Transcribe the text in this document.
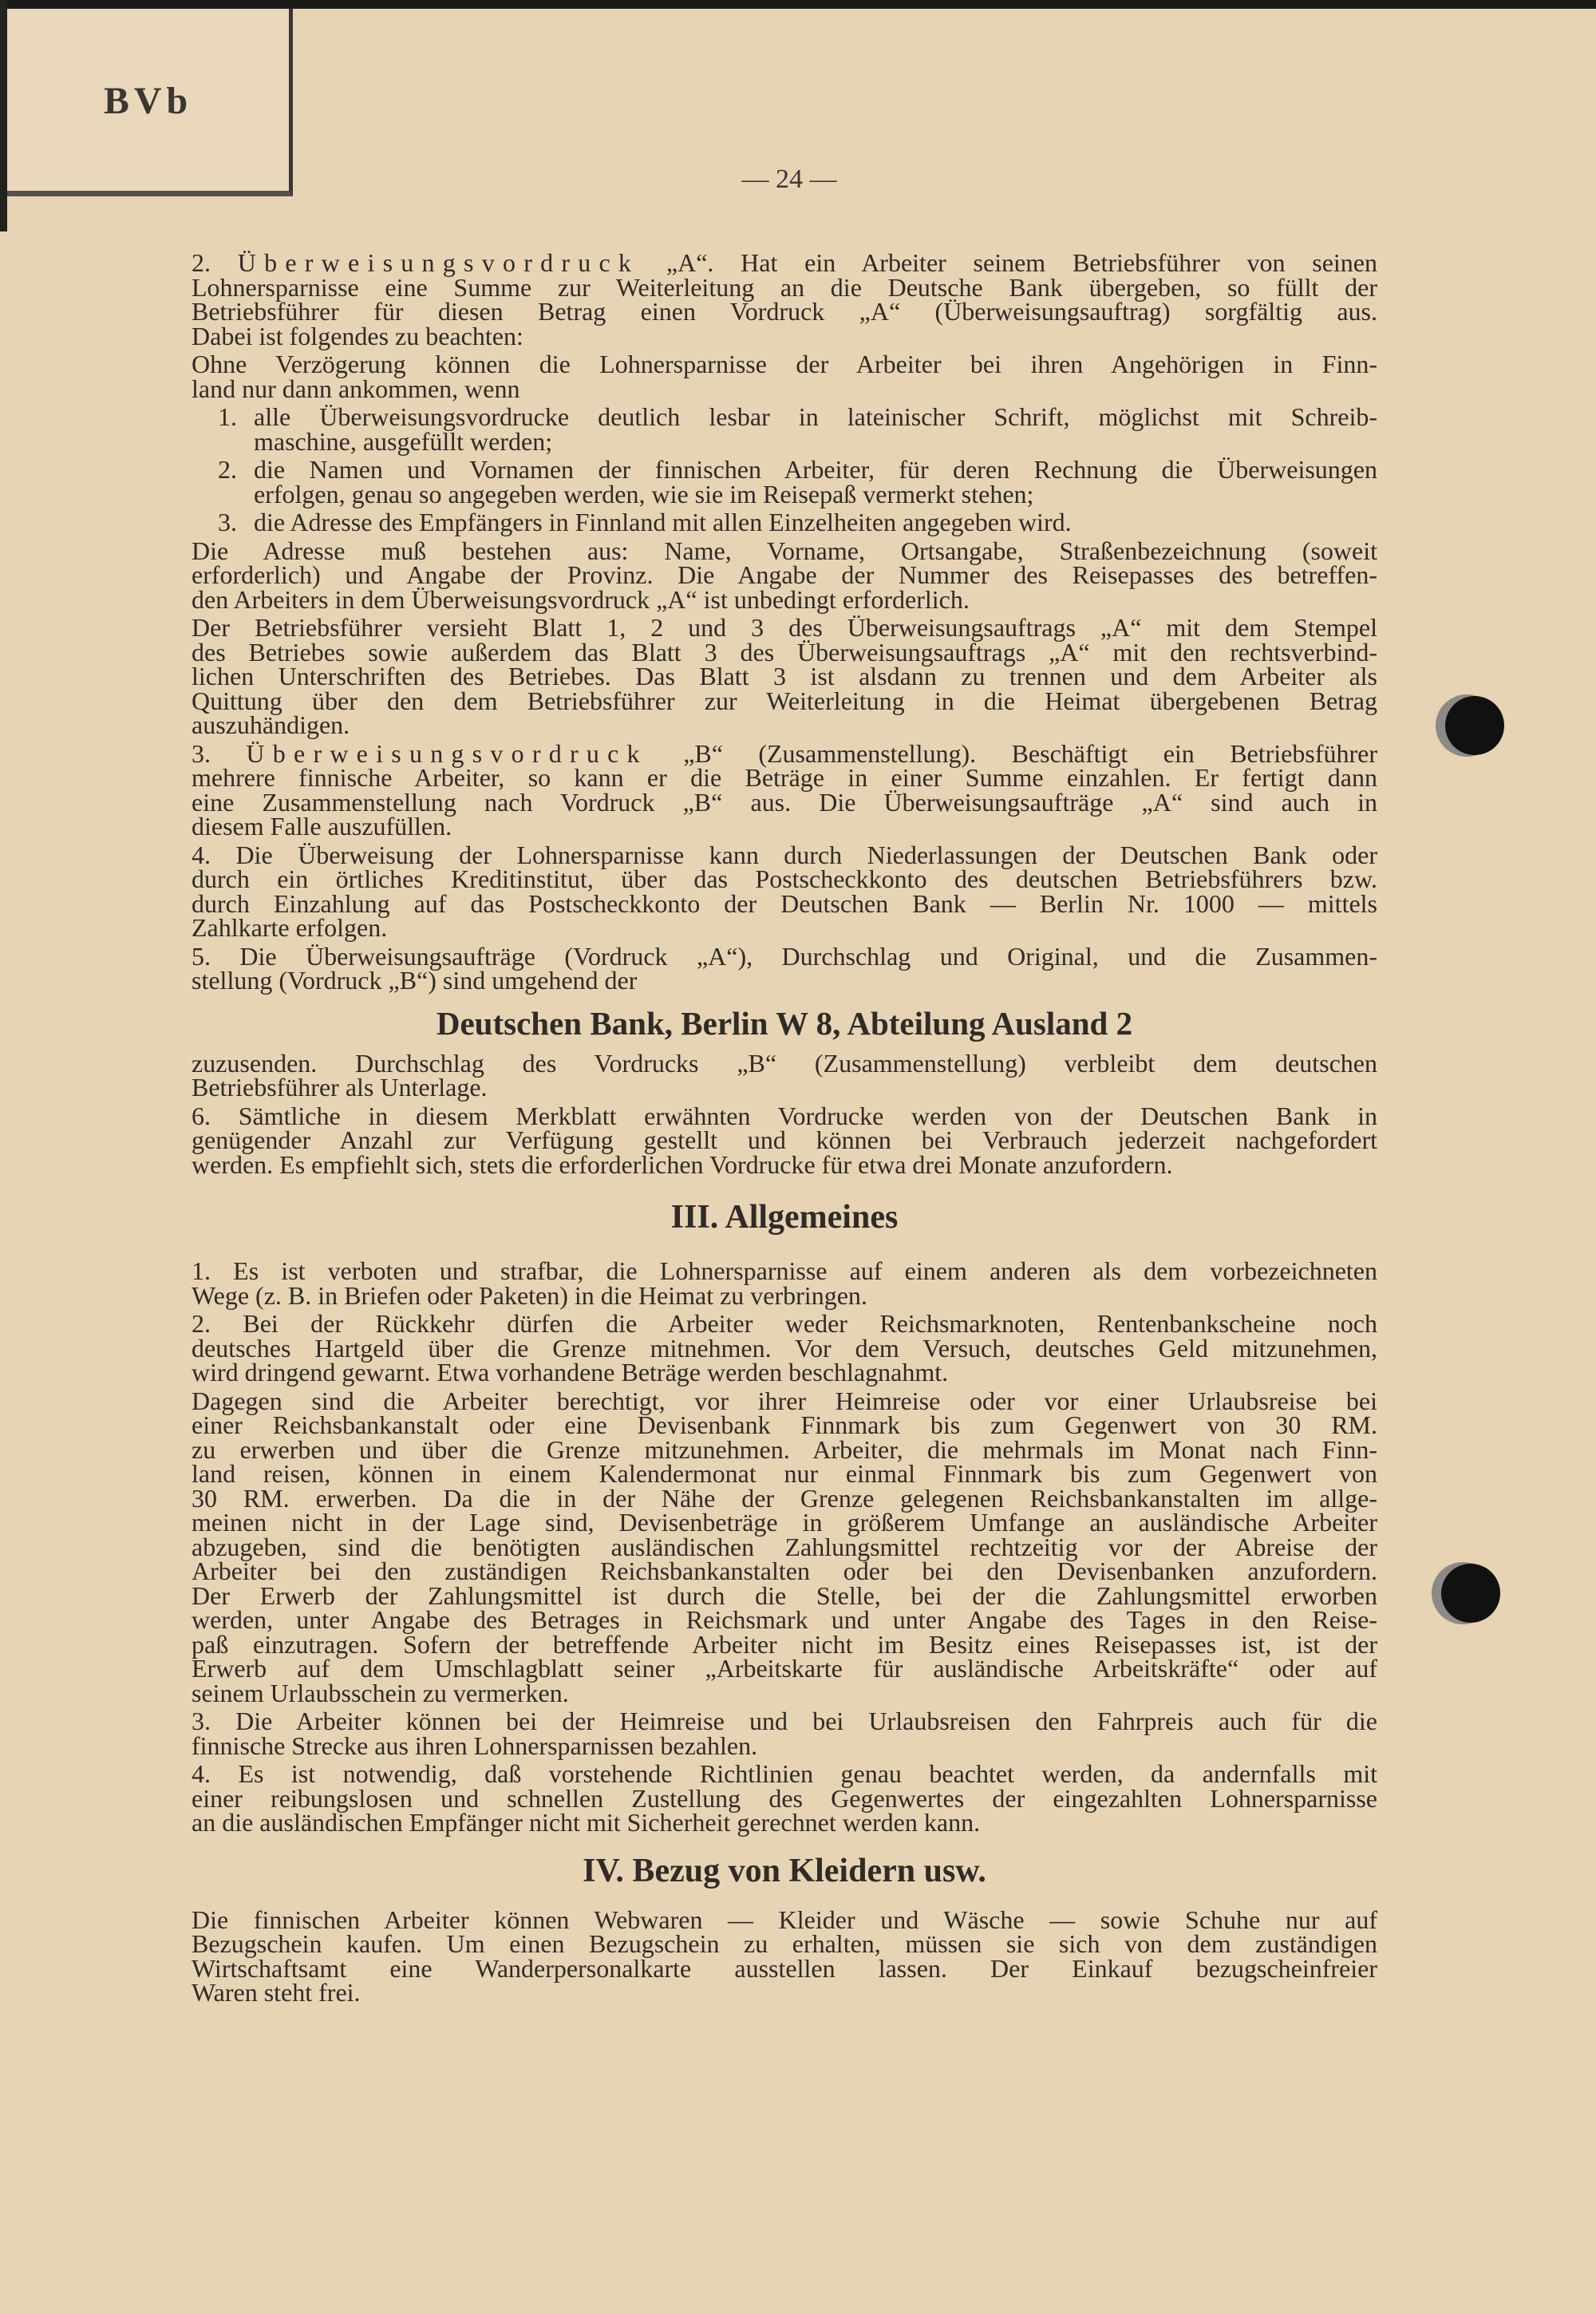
BVb
— 24 —
2. Überweisungsvordruck „A“. Hat ein Arbeiter seinem Betriebsführer von seinen
Lohnersparnisse eine Summe zur Weiterleitung an die Deutsche Bank übergeben, so füllt der
Betriebsführer für diesen Betrag einen Vordruck „A“ (Überweisungsauftrag) sorgfältig aus.
Dabei ist folgendes zu beachten:
Ohne Verzögerung können die Lohnersparnisse der Arbeiter bei ihren Angehörigen in Finn-
land nur dann ankommen, wenn
1. alle Überweisungsvordrucke deutlich lesbar in lateinischer Schrift, möglichst mit Schreib-
maschine, ausgefüllt werden;
2. die Namen und Vornamen der finnischen Arbeiter, für deren Rechnung die Überweisungen
erfolgen, genau so angegeben werden, wie sie im Reisepaß vermerkt stehen;
3. die Adresse des Empfängers in Finnland mit allen Einzelheiten angegeben wird.
Die Adresse muß bestehen aus: Name, Vorname, Ortsangabe, Straßenbezeichnung (soweit
erforderlich) und Angabe der Provinz. Die Angabe der Nummer des Reisepasses des betreffen-
den Arbeiters in dem Überweisungsvordruck „A“ ist unbedingt erforderlich.
Der Betriebsführer versieht Blatt 1, 2 und 3 des Überweisungsauftrags „A“ mit dem Stempel
des Betriebes sowie außerdem das Blatt 3 des Überweisungsauftrags „A“ mit den rechtsverbind-
lichen Unterschriften des Betriebes. Das Blatt 3 ist alsdann zu trennen und dem Arbeiter als
Quittung über den dem Betriebsführer zur Weiterleitung in die Heimat übergebenen Betrag
auszuhändigen.
3. Überweisungsvordruck „B“ (Zusammenstellung). Beschäftigt ein Betriebsführer
mehrere finnische Arbeiter, so kann er die Beträge in einer Summe einzahlen. Er fertigt dann
eine Zusammenstellung nach Vordruck „B“ aus. Die Überweisungsaufträge „A“ sind auch in
diesem Falle auszufüllen.
4. Die Überweisung der Lohnersparnisse kann durch Niederlassungen der Deutschen Bank oder
durch ein örtliches Kreditinstitut, über das Postscheckkonto des deutschen Betriebsführers bzw.
durch Einzahlung auf das Postscheckkonto der Deutschen Bank — Berlin Nr. 1000 — mittels
Zahlkarte erfolgen.
5. Die Überweisungsaufträge (Vordruck „A“), Durchschlag und Original, und die Zusammen-
stellung (Vordruck „B“) sind umgehend der
Deutschen Bank, Berlin W 8, Abteilung Ausland 2
zuzusenden. Durchschlag des Vordrucks „B“ (Zusammenstellung) verbleibt dem deutschen
Betriebsführer als Unterlage.
6. Sämtliche in diesem Merkblatt erwähnten Vordrucke werden von der Deutschen Bank in
genügender Anzahl zur Verfügung gestellt und können bei Verbrauch jederzeit nachgefordert
werden. Es empfiehlt sich, stets die erforderlichen Vordrucke für etwa drei Monate anzufordern.
III. Allgemeines
1. Es ist verboten und strafbar, die Lohnersparnisse auf einem anderen als dem vorbezeichneten
Wege (z. B. in Briefen oder Paketen) in die Heimat zu verbringen.
2. Bei der Rückkehr dürfen die Arbeiter weder Reichsmarknoten, Rentenbankscheine noch
deutsches Hartgeld über die Grenze mitnehmen. Vor dem Versuch, deutsches Geld mitzunehmen,
wird dringend gewarnt. Etwa vorhandene Beträge werden beschlagnahmt.
Dagegen sind die Arbeiter berechtigt, vor ihrer Heimreise oder vor einer Urlaubsreise bei
einer Reichsbankanstalt oder eine Devisenbank Finnmark bis zum Gegenwert von 30 RM.
zu erwerben und über die Grenze mitzunehmen. Arbeiter, die mehrmals im Monat nach Finn-
land reisen, können in einem Kalendermonat nur einmal Finnmark bis zum Gegenwert von
30 RM. erwerben. Da die in der Nähe der Grenze gelegenen Reichsbankanstalten im allge-
meinen nicht in der Lage sind, Devisenbeträge in größerem Umfange an ausländische Arbeiter
abzugeben, sind die benötigten ausländischen Zahlungsmittel rechtzeitig vor der Abreise der
Arbeiter bei den zuständigen Reichsbankanstalten oder bei den Devisenbanken anzufordern.
Der Erwerb der Zahlungsmittel ist durch die Stelle, bei der die Zahlungsmittel erworben
werden, unter Angabe des Betrages in Reichsmark und unter Angabe des Tages in den Reise-
paß einzutragen. Sofern der betreffende Arbeiter nicht im Besitz eines Reisepasses ist, ist der
Erwerb auf dem Umschlagblatt seiner „Arbeitskarte für ausländische Arbeitskräfte“ oder auf
seinem Urlaubsschein zu vermerken.
3. Die Arbeiter können bei der Heimreise und bei Urlaubsreisen den Fahrpreis auch für die
finnische Strecke aus ihren Lohnersparnissen bezahlen.
4. Es ist notwendig, daß vorstehende Richtlinien genau beachtet werden, da andernfalls mit
einer reibungslosen und schnellen Zustellung des Gegenwertes der eingezahlten Lohnersparnisse
an die ausländischen Empfänger nicht mit Sicherheit gerechnet werden kann.
IV. Bezug von Kleidern usw.
Die finnischen Arbeiter können Webwaren — Kleider und Wäsche — sowie Schuhe nur auf
Bezugschein kaufen. Um einen Bezugschein zu erhalten, müssen sie sich von dem zuständigen
Wirtschaftsamt eine Wanderpersonalkarte ausstellen lassen. Der Einkauf bezugscheinfreier
Waren steht frei.
